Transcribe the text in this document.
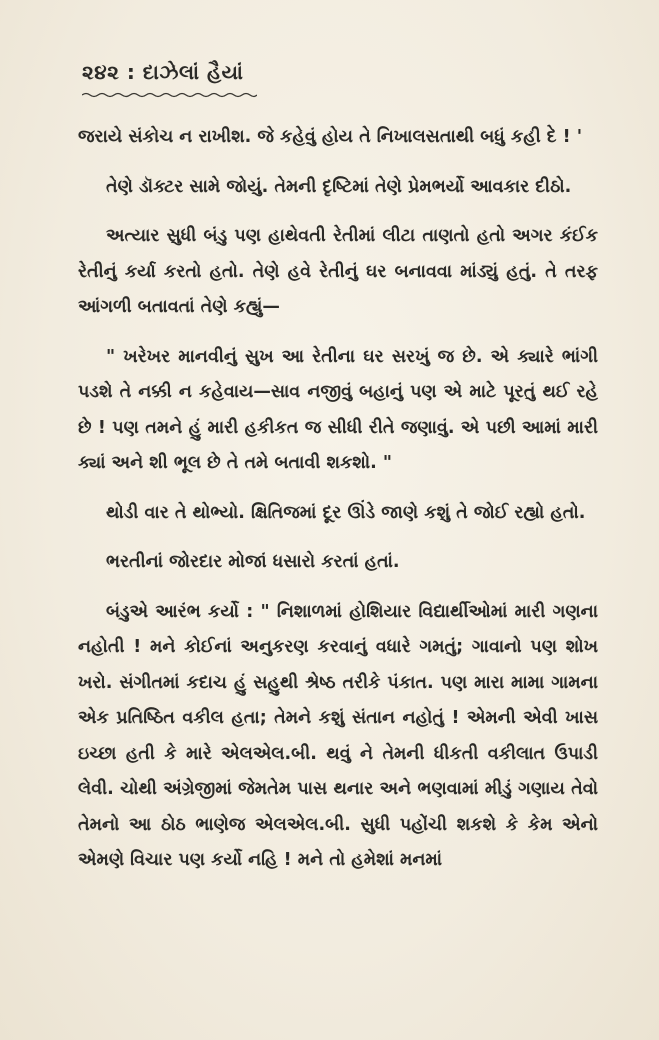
૨૪૨ : દાઝેલાં હૈયાં

જરાયે સંકોચ ન રાખીશ. જે કહેવું હોય તે નિખાલસતાથી બધું કહી દે ! '

તેણે ડૉક્ટર સામે જોયું. તેમની દૃષ્ટિમાં તેણે પ્રેમભર્યો આવકાર દીઠો.

અત્યાર સુધી બંડુ પણ હાથેવતી રેતીમાં લીટા તાણતો હતો અગર કંઈક રેતીનું કર્યા કરતો હતો. તેણે હવે રેતીનું ઘર બનાવવા માંડ્યું હતું. તે તરફ આંગળી બતાવતાં તેણે કહ્યું—

" ખરેખર માનવીનું સુખ આ રેતીના ઘર સરખું જ છે. એ ક્યારે ભાંગી પડશે તે નક્કી ન કહેવાય—સાવ નજીવું બહાનું પણ એ માટે પૂરતું થઈ રહે છે ! પણ તમને હું મારી હકીકત જ સીધી રીતે જણાવું. એ પછી આમાં મારી ક્યાં અને શી ભૂલ છે તે તમે બતાવી શકશો. "

થોડી વાર તે થોભ્યો. ક્ષિતિજમાં દૂર ઊંડે જાણે કશું તે જોઈ રહ્યો હતો.

ભરતીનાં જોરદાર મોજાં ધસારો કરતાં હતાં.

બંડુએ આરંભ કર્યો : " નિશાળમાં હોશિયાર વિદ્યાર્થીઓમાં મારી ગણના નહોતી ! મને કોઈનાં અનુકરણ કરવાનું વધારે ગમતું; ગાવાનો પણ શોખ ખરો. સંગીતમાં કદાચ હું સહુથી શ્રેષ્ઠ તરીકે પંકાત. પણ મારા મામા ગામના એક પ્રતિષ્ઠિત વકીલ હતા; તેમને કશું સંતાન નહોતું ! એમની એવી ખાસ ઇચ્છા હતી કે મારે એલએલ.બી. થવું ને તેમની ધીકતી વકીલાત ઉપાડી લેવી. ચોથી અંગ્રેજીમાં જેમતેમ પાસ થનાર અને ભણવામાં મીડું ગણાય તેવો તેમનો આ ઠોઠ ભાણેજ એલએલ.બી. સુધી પહોંચી શકશે કે કેમ એનો એમણે વિચાર પણ કર્યો નહિ ! મને તો હમેશાં મનમાં
